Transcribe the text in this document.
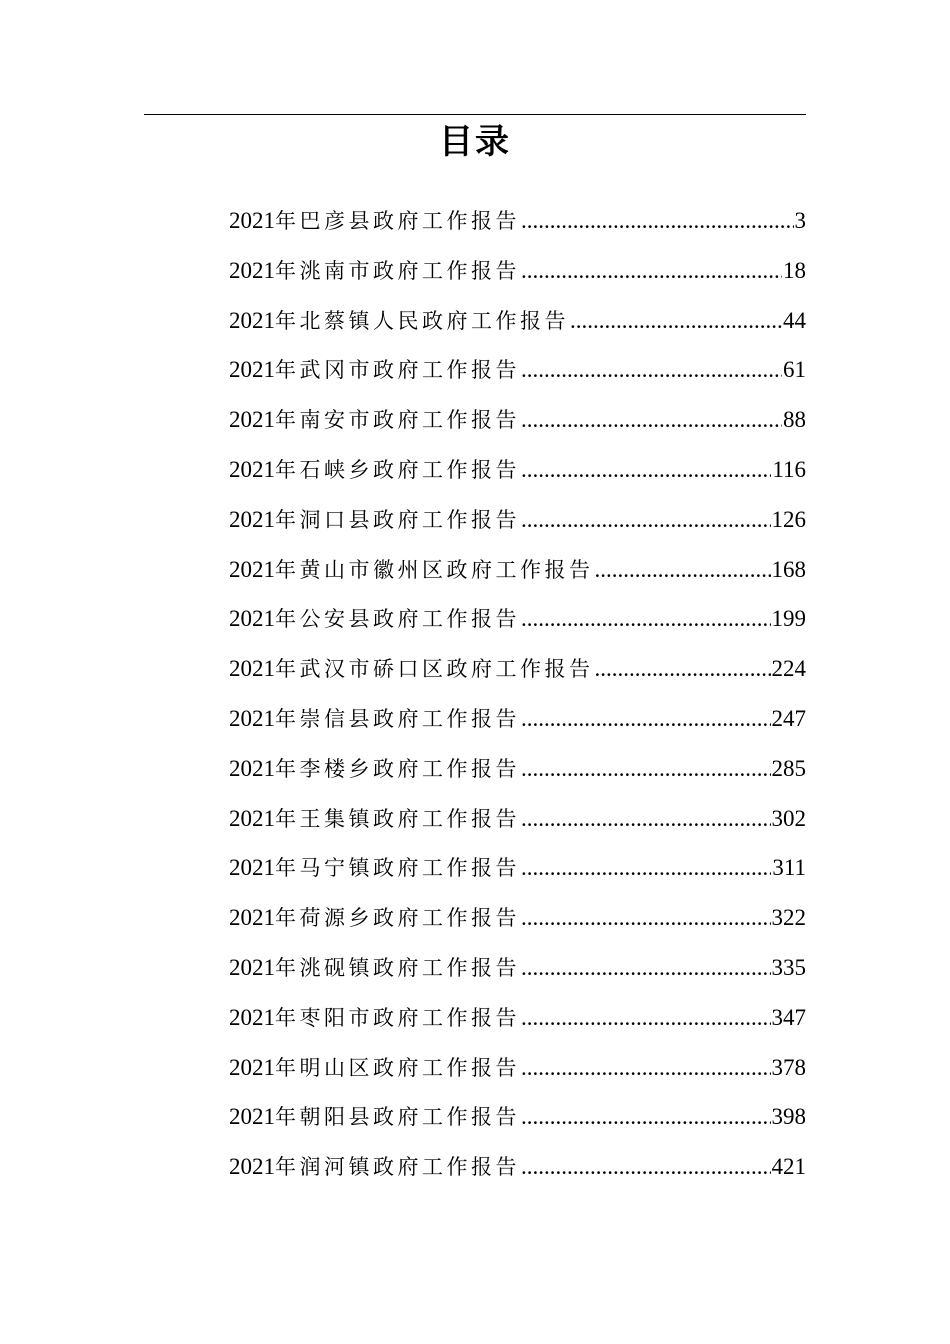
目录
2021 年巴彦县政府工作报告 .....	3
2021 年洮南市政府工作报告 .....	18
2021 年北蔡镇人民政府工作报告 .....	44
2021 年武冈市政府工作报告 .....	61
2021 年南安市政府工作报告 .....	88
2021 年石峡乡政府工作报告 .....	116
2021 年洞口县政府工作报告 .....	126
2021 年黄山市徽州区政府工作报告 .....	168
2021 年公安县政府工作报告 .....	199
2021 年武汉市硚口区政府工作报告 .....	224
2021 年崇信县政府工作报告 .....	247
2021 年李楼乡政府工作报告 .....	285
2021 年王集镇政府工作报告 .....	302
2021 年马宁镇政府工作报告 .....	311
2021 年荷源乡政府工作报告 .....	322
2021 年洮砚镇政府工作报告 .....	335
2021 年枣阳市政府工作报告 .....	347
2021 年明山区政府工作报告 .....	378
2021 年朝阳县政府工作报告 .....	398
2021 年润河镇政府工作报告 .....	421
